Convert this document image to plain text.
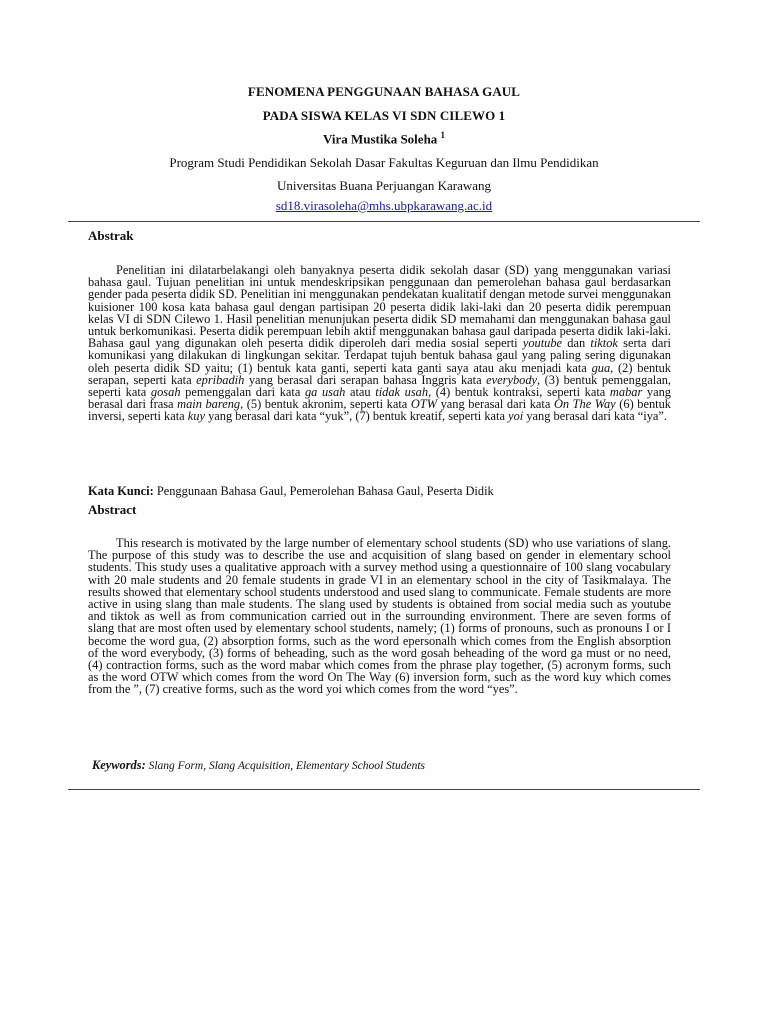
FENOMENA PENGGUNAAN BAHASA GAUL
PADA SISWA KELAS VI SDN CILEWO 1
Vira Mustika Soleha $^1$
Program Studi Pendidikan Sekolah Dasar Fakultas Keguruan dan Ilmu Pendidikan
Universitas Buana Perjuangan Karawang
sd18.virasoleha@mhs.ubpkarawang.ac.id
Abstrak
Penelitian ini dilatarbelakangi oleh banyaknya peserta didik sekolah dasar (SD) yang menggunakan variasi bahasa gaul. Tujuan penelitian ini untuk mendeskripsikan penggunaan dan pemerolehan bahasa gaul berdasarkan gender pada peserta didik SD. Penelitian ini menggunakan pendekatan kualitatif dengan metode survei menggunakan kuisioner 100 kosa kata bahasa gaul dengan partisipan 20 peserta didik laki-laki dan 20 peserta didik perempuan kelas VI di SDN Cilewo 1. Hasil penelitian menunjukan peserta didik SD memahami dan menggunakan bahasa gaul untuk berkomunikasi. Peserta didik perempuan lebih aktif menggunakan bahasa gaul daripada peserta didik laki-laki. Bahasa gaul yang digunakan oleh peserta didik diperoleh dari media sosial seperti youtube dan tiktok serta dari komunikasi yang dilakukan di lingkungan sekitar. Terdapat tujuh bentuk bahasa gaul yang paling sering digunakan oleh peserta didik SD yaitu; (1) bentuk kata ganti, seperti kata ganti saya atau aku menjadi kata gua, (2) bentuk serapan, seperti kata epribadih yang berasal dari serapan bahasa Inggris kata everybody, (3) bentuk pemenggalan, seperti kata gosah pemenggalan dari kata ga usah atau tidak usah, (4) bentuk kontraksi, seperti kata mabar yang berasal dari frasa main bareng, (5) bentuk akronim, seperti kata OTW yang berasal dari kata On The Way (6) bentuk inversi, seperti kata kuy yang berasal dari kata “yuk”, (7) bentuk kreatif, seperti kata yoi yang berasal dari kata “iya”.
Kata Kunci: Penggunaan Bahasa Gaul, Pemerolehan Bahasa Gaul, Peserta Didik
Abstract
This research is motivated by the large number of elementary school students (SD) who use variations of slang. The purpose of this study was to describe the use and acquisition of slang based on gender in elementary school students. This study uses a qualitative approach with a survey method using a questionnaire of 100 slang vocabulary with 20 male students and 20 female students in grade VI in an elementary school in the city of Tasikmalaya. The results showed that elementary school students understood and used slang to communicate. Female students are more active in using slang than male students. The slang used by students is obtained from social media such as youtube and tiktok as well as from communication carried out in the surrounding environment. There are seven forms of slang that are most often used by elementary school students, namely; (1) forms of pronouns, such as pronouns I or I become the word gua, (2) absorption forms, such as the word epersonalh which comes from the English absorption of the word everybody, (3) forms of beheading, such as the word gosah beheading of the word ga must or no need, (4) contraction forms, such as the word mabar which comes from the phrase play together, (5) acronym forms, such as the word OTW which comes from the word On The Way (6) inversion form, such as the word kuy which comes from the ”, (7) creative forms, such as the word yoi which comes from the word “yes”.
Keywords: Slang Form, Slang Acquisition, Elementary School Students
